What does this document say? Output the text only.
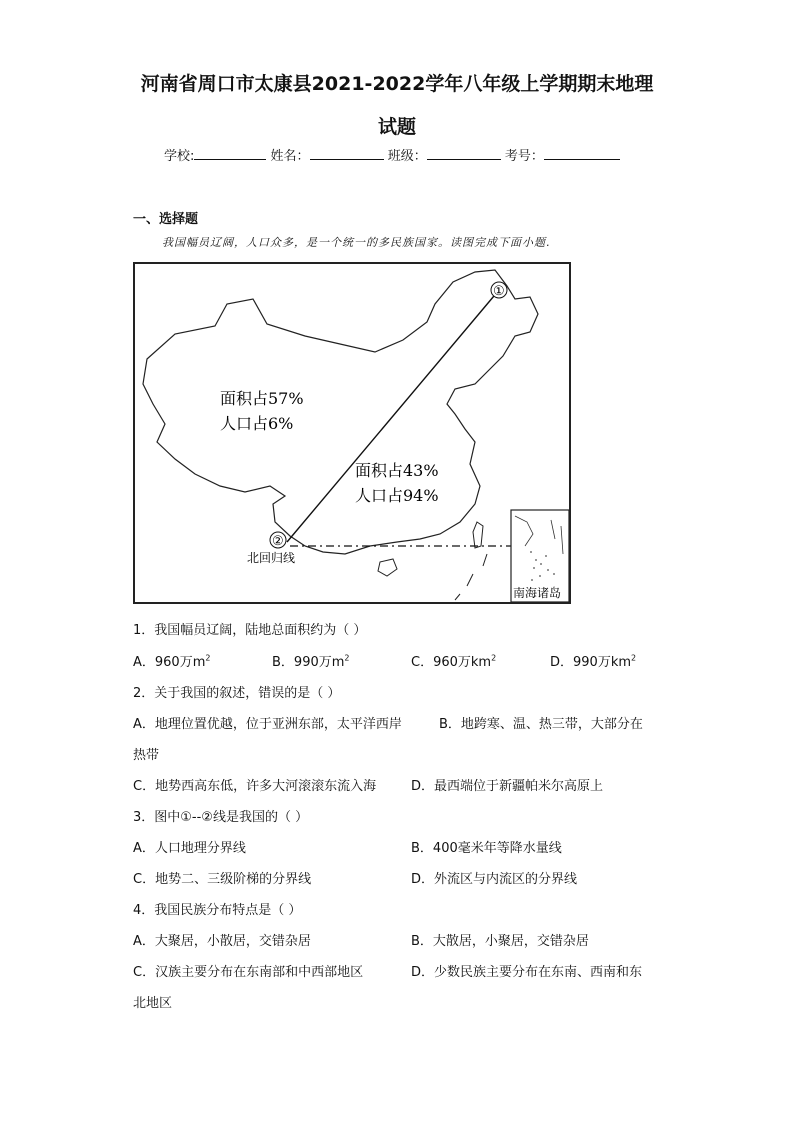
河南省周口市太康县2021-2022学年八年级上学期期末地理
试题
学校:	姓名：	班级：	考号：
一、选择题
我国幅员辽阔，人口众多，是一个统一的多民族国家。读图完成下面小题.
①
②
面积占57%
人口占6%
面积占43%
人口占94%
北回归线
南海诸岛
1．我国幅员辽阔，陆地总面积约为（ ）
A．960万$m^2$	B．990万$m^2$	C．960万$km^2$	D．990万$km^2$
2．关于我国的叙述，错误的是（ ）
A．地理位置优越，位于亚洲东部，太平洋西岸	B．地跨寒、温、热三带，大部分在
热带
C．地势西高东低，许多大河滚滚东流入海	D．最西端位于新疆帕米尔高原上
3．图中①--②线是我国的（ ）
A．人口地理分界线	B．400毫米年等降水量线
C．地势二、三级阶梯的分界线	D．外流区与内流区的分界线
4．我国民族分布特点是（ ）
A．大聚居，小散居，交错杂居	B．大散居，小聚居，交错杂居
C．汉族主要分布在东南部和中西部地区	D．少数民族主要分布在东南、西南和东
北地区
